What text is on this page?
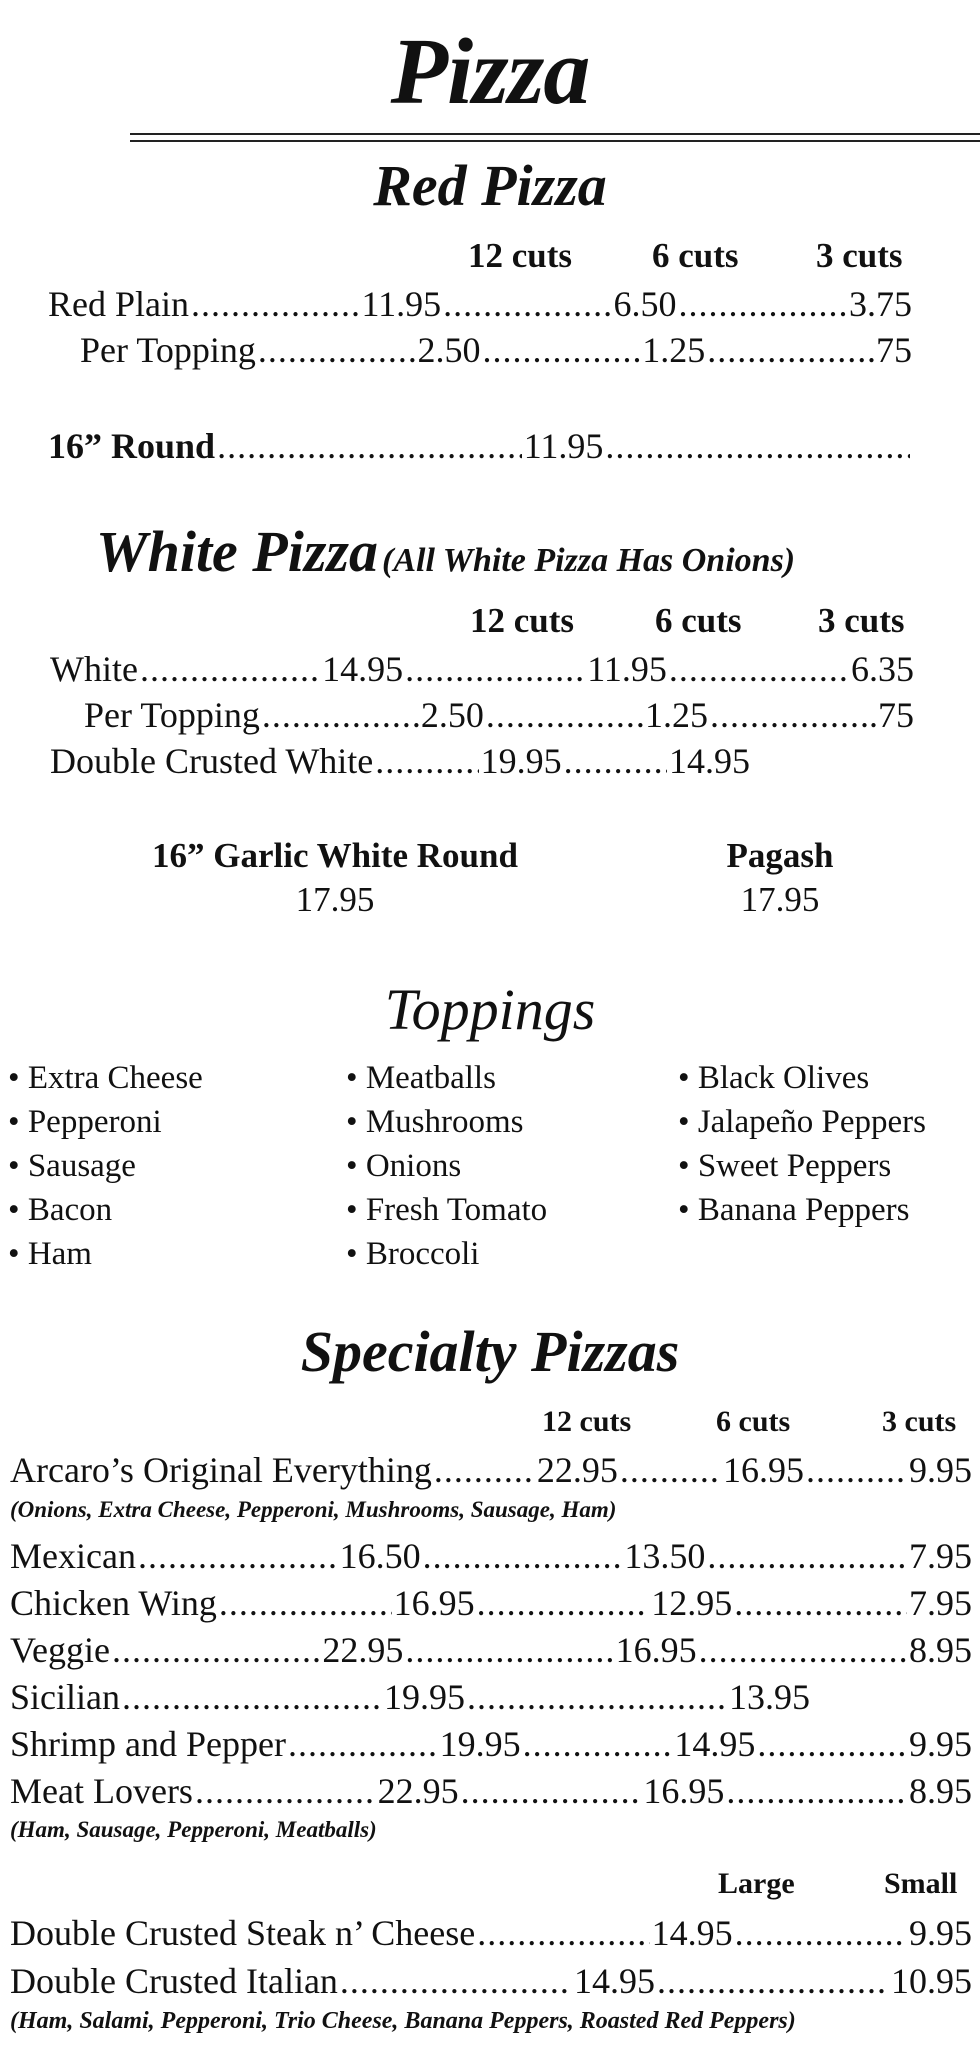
Pizza
Red Pizza
12 cuts 6 cuts 3 cuts
Red Plain .....	11.95 .....	6.50 .....	3.75
Per Topping .....	2.50 .....	1.25 .....	.75
16” Round .....	11.95
.....
White Pizza (All White Pizza Has Onions)
12 cuts 6 cuts 3 cuts
White .....	14.95 .....	11.95 .....	6.35
Per Topping .....	2.50 .....	1.25 .....	.75
Double Crusted White .....	19.95 .....	14.95
16” Garlic White Round
17.95
Pagash
17.95
Toppings
• Extra Cheese
• Pepperoni
• Sausage
• Bacon
• Ham
• Meatballs
• Mushrooms
• Onions
• Fresh Tomato
• Broccoli
• Black Olives
• Jalapeño Peppers
• Sweet Peppers
• Banana Peppers
Specialty Pizzas
12 cuts	6 cuts	3 cuts
Arcaro’s Original Everything .....	22.95 .....	16.95 .....	9.95
(Onions, Extra Cheese, Pepperoni, Mushrooms, Sausage, Ham)
Mexican .....	16.50 .....	13.50 .....	7.95
Chicken Wing .....	16.95 .....	12.95 .....	7.95
Veggie .....	22.95 .....	16.95 .....	8.95
Sicilian .....	19.95 .....	13.95
Shrimp and Pepper .....	19.95 .....	14.95 .....	9.95
Meat Lovers .....	22.95 .....	16.95 .....	8.95
(Ham, Sausage, Pepperoni, Meatballs)
Large	Small
Double Crusted Steak n’ Cheese .....	14.95 .....	9.95
Double Crusted Italian .....	14.95 .....	10.95
(Ham, Salami, Pepperoni, Trio Cheese, Banana Peppers, Roasted Red Peppers)
